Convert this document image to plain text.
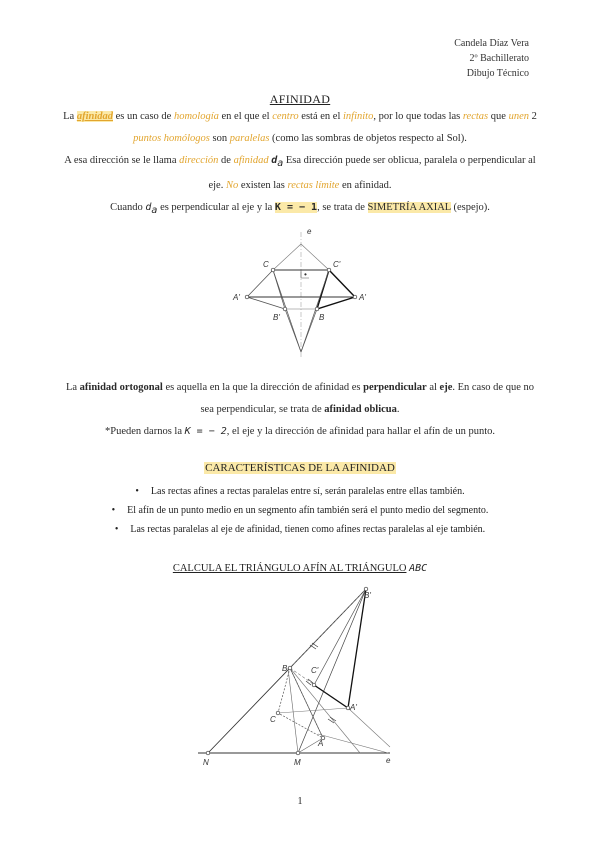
Candela Díaz Vera
2º Bachillerato
Dibujo Técnico
AFINIDAD
La afinidad es un caso de homología en el que el centro está en el infinito, por lo que todas las rectas que unen 2 puntos homólogos son paralelas (como las sombras de objetos respecto al Sol).
A esa dirección se le llama dirección de afinidad $d_a$ Esa dirección puede ser oblicua, paralela o perpendicular al eje. No existen las rectas límite en afinidad.
Cuando $d_a$ es perpendicular al eje y la K = − 1, se trata de SIMETRÍA AXIAL (espejo).
e
•
C	C'
A'	A'
B'	B
La afinidad ortogonal es aquella en la que la dirección de afinidad es perpendicular al eje. En caso de que no sea perpendicular, se trata de afinidad oblicua.
*Pueden darnos la K = − 2, el eje y la dirección de afinidad para hallar el afín de un punto.
CARACTERÍSTICAS DE LA AFINIDAD
• Las rectas afines a rectas paralelas entre sí, serán paralelas entre ellas también.
• El afín de un punto medio en un segmento afín también será el punto medio del segmento.
• Las rectas paralelas al eje de afinidad, tienen como afines rectas paralelas al eje también.
CALCULA EL TRIÁNGULO AFÍN AL TRIÁNGULO ABC
B'
B	C'
A'
C
A
N	M	e
1
